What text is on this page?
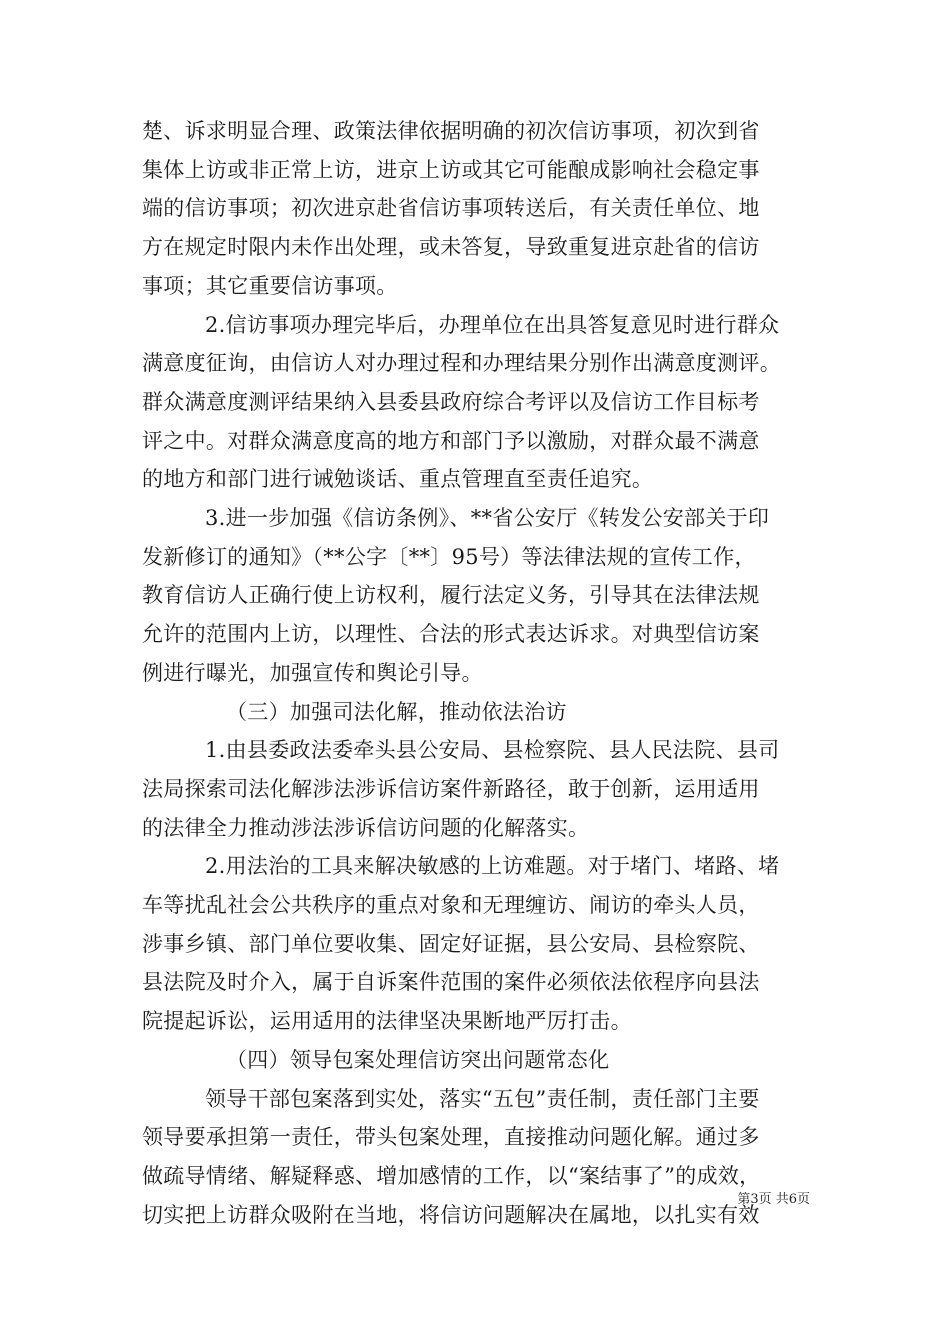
楚、诉求明显合理、政策法律依据明确的初次信访事项，初次到省

集体上访或非正常上访，进京上访或其它可能酿成影响社会稳定事

端的信访事项；初次进京赴省信访事项转送后，有关责任单位、地

方在规定时限内未作出处理，或未答复，导致重复进京赴省的信访

事项；其它重要信访事项。

2.信访事项办理完毕后，办理单位在出具答复意见时进行群众

满意度征询，由信访人对办理过程和办理结果分别作出满意度测评。

群众满意度测评结果纳入县委县政府综合考评以及信访工作目标考

评之中。对群众满意度高的地方和部门予以激励，对群众最不满意

的地方和部门进行诫勉谈话、重点管理直至责任追究。

3.进一步加强《信访条例》、**省公安厅《转发公安部关于印

发新修订的通知》（**公字〔**〕95号）等法律法规的宣传工作，

教育信访人正确行使上访权利，履行法定义务，引导其在法律法规

允许的范围内上访，以理性、合法的形式表达诉求。对典型信访案

例进行曝光，加强宣传和舆论引导。

（三）加强司法化解，推动依法治访

1.由县委政法委牵头县公安局、县检察院、县人民法院、县司

法局探索司法化解涉法涉诉信访案件新路径，敢于创新，运用适用

的法律全力推动涉法涉诉信访问题的化解落实。

2.用法治的工具来解决敏感的上访难题。对于堵门、堵路、堵

车等扰乱社会公共秩序的重点对象和无理缠访、闹访的牵头人员，

涉事乡镇、部门单位要收集、固定好证据，县公安局、县检察院、

县法院及时介入，属于自诉案件范围的案件必须依法依程序向县法

院提起诉讼，运用适用的法律坚决果断地严厉打击。

（四）领导包案处理信访突出问题常态化

领导干部包案落到实处，落实“五包”责任制，责任部门主要

领导要承担第一责任，带头包案处理，直接推动问题化解。通过多

做疏导情绪、解疑释惑、增加感情的工作，以“案结事了”的成效，

切实把上访群众吸附在当地，将信访问题解决在属地，以扎实有效

第3页 共6页
